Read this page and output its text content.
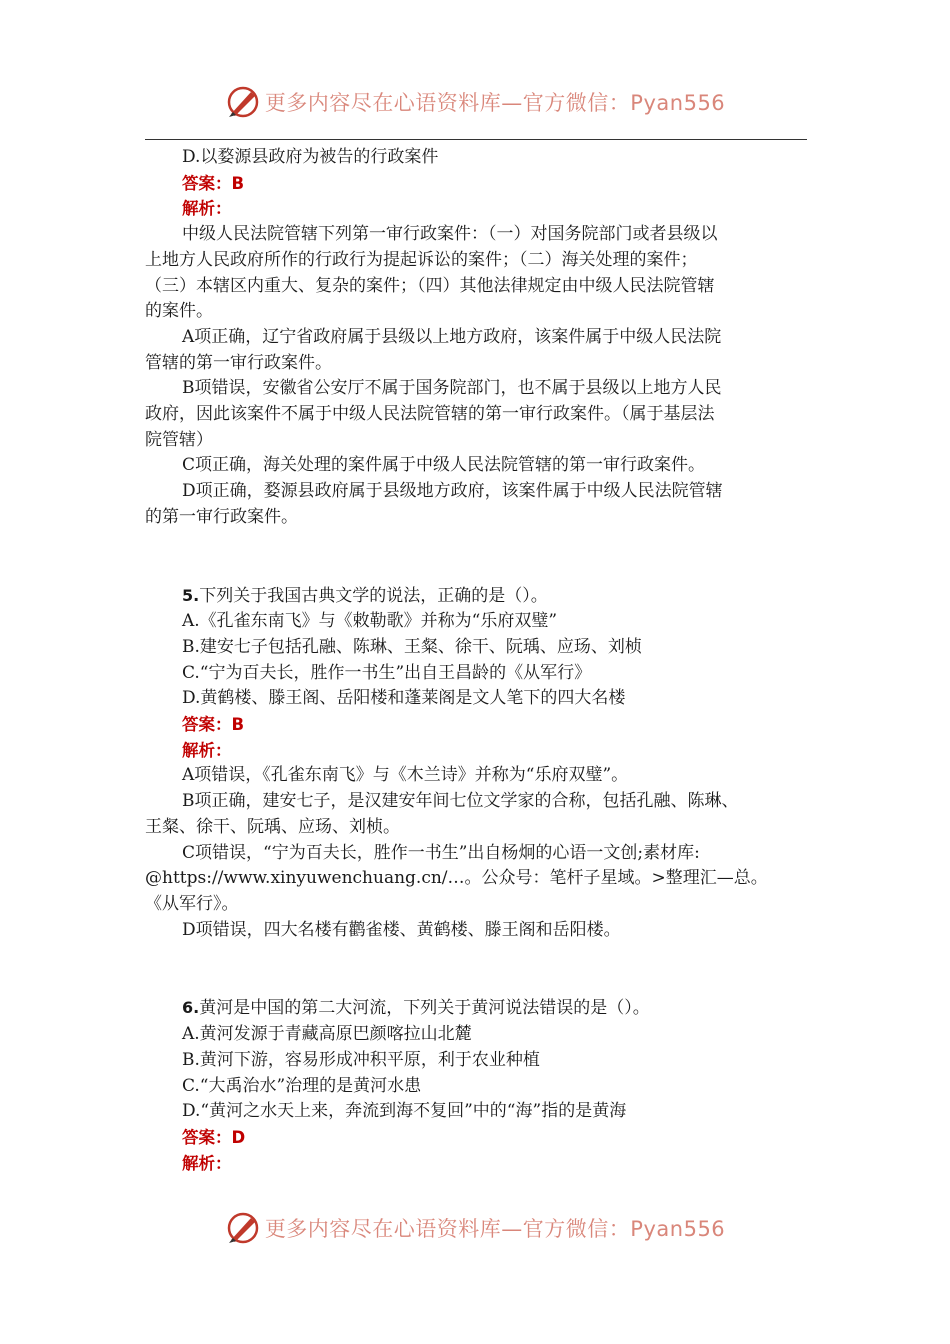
更多内容尽在心语资料库—官方微信：Pyan556
D.以婺源县政府为被告的行政案件
答案：B
解析：
中级人民法院管辖下列第一审行政案件：（一）对国务院部门或者县级以
上地方人民政府所作的行政行为提起诉讼的案件；（二）海关处理的案件；
（三）本辖区内重大、复杂的案件；（四）其他法律规定由中级人民法院管辖
的案件。
A项正确，辽宁省政府属于县级以上地方政府，该案件属于中级人民法院
管辖的第一审行政案件。
B项错误，安徽省公安厅不属于国务院部门，也不属于县级以上地方人民
政府，因此该案件不属于中级人民法院管辖的第一审行政案件。（属于基层法
院管辖）
C项正确，海关处理的案件属于中级人民法院管辖的第一审行政案件。
D项正确，婺源县政府属于县级地方政府，该案件属于中级人民法院管辖
的第一审行政案件。
5.下列关于我国古典文学的说法，正确的是（）。
A.《孔雀东南飞》与《敕勒歌》并称为“乐府双璧”
B.建安七子包括孔融、陈琳、王粲、徐干、阮瑀、应玚、刘桢
C.“宁为百夫长，胜作一书生”出自王昌龄的《从军行》
D.黄鹤楼、滕王阁、岳阳楼和蓬莱阁是文人笔下的四大名楼
答案：B
解析：
A项错误，《孔雀东南飞》与《木兰诗》并称为“乐府双璧”。
B项正确，建安七子，是汉建安年间七位文学家的合称，包括孔融、陈琳、
王粲、徐干、阮瑀、应玚、刘桢。
C项错误，“宁为百夫长，胜作一书生”出自杨炯的心语一文创;素材库:
@https://www.xinyuwenchuang.cn/…。公众号：笔杆子星域。>整理汇—总。
《从军行》。
D项错误，四大名楼有鹳雀楼、黄鹤楼、滕王阁和岳阳楼。
6.黄河是中国的第二大河流，下列关于黄河说法错误的是（）。
A.黄河发源于青藏高原巴颜喀拉山北麓
B.黄河下游，容易形成冲积平原，利于农业种植
C.“大禹治水”治理的是黄河水患
D.“黄河之水天上来，奔流到海不复回”中的“海”指的是黄海
答案：D
解析：
更多内容尽在心语资料库—官方微信：Pyan556
